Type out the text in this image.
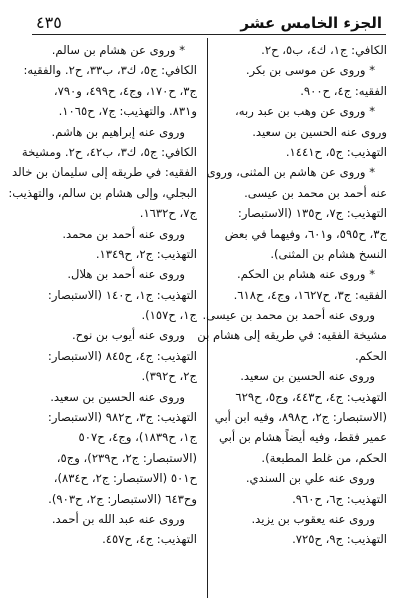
٤٣٥	الجزء الخامس عشر
الكافي: ج١، ك٤، ب٥، ح٢.
* وروى عن موسى بن بكر.
الفقيه: ج٤، ح٩٠٠.
* وروى عن وهب بن عبد ربه،
وروى عنه الحسين بن سعيد.
التهذيب: ج٥، ح١٤٤١.
* وروى عن هاشم بن المثنى، وروى
عنه أحمد بن محمد بن عيسى.
التهذيب: ج٧، ح١٣٥ (الاستبصار:
ج٣، ح٥٩٥، و٦٠١، وفيهما في بعض
النسخ هشام بن المثنى).
* وروى عنه هشام بن الحكم.
الفقيه: ج٣، ح١٦٢٧، وج٤، ح٦١٨.
وروى عنه أحمد بن محمد بن عيسى.
مشيخة الفقيه: في طريقه إلى هشام بن
الحكم.
وروى عنه الحسين بن سعيد.
التهذيب: ج٤، ح٤٤٣، وج٥، ح٦٢٩
(الاستبصار: ج٢، ح٨٩٨، وفيه ابن أبي
عمير فقط، وفيه أيضاً هشام بن أبي
الحكم، من غلط المطبعة).
وروى عنه علي بن السندي.
التهذيب: ج٦، ح٩٦٠.
وروى عنه يعقوب بن يزيد.
التهذيب: ج٩، ح٧٢٥.
* وروى عن هشام بن سالم.
الكافي: ج٥، ك٣، ب٣٣، ح٢. والفقيه:
ج٣، ح١٧٠، وج٤، ح٤٩٩، و٧٩٠،
و٨٣١. والتهذيب: ج٧، ح١٠٦٥.
وروى عنه إبراهيم بن هاشم.
الكافي: ج٥، ك٣، ب٤٢، ح٢. ومشيخة
الفقيه: في طريقه إلى سليمان بن خالد
البجلي، وإلى هشام بن سالم، والتهذيب:
ج٧، ح١٦٣٢.
وروى عنه أحمد بن محمد.
التهذيب: ج٢، ح١٣٤٩.
وروى عنه أحمد بن هلال.
التهذيب: ج١، ح١٤٠ (الاستبصار:
ج١، ح١٥٧).
وروى عنه أيوب بن نوح.
التهذيب: ج٤، ح٨٤٥ (الاستبصار:
ج٢، ح٣٩٢).
وروى عنه الحسين بن سعيد.
التهذيب: ج٣، ح٩٨٢ (الاستبصار:
ج١، ح١٨٣٩)، وج٤، ح٥٠٧
(الاستبصار: ج٢، ح٢٣٩)، وج٥،
ح٥٠١ (الاستبصار: ج٢، ح٨٣٤)،
وح٦٤٣ (الاستبصار: ج٢، ح٩٠٣).
وروى عنه عبد الله بن أحمد.
التهذيب: ج٤، ح٤٥٧.
